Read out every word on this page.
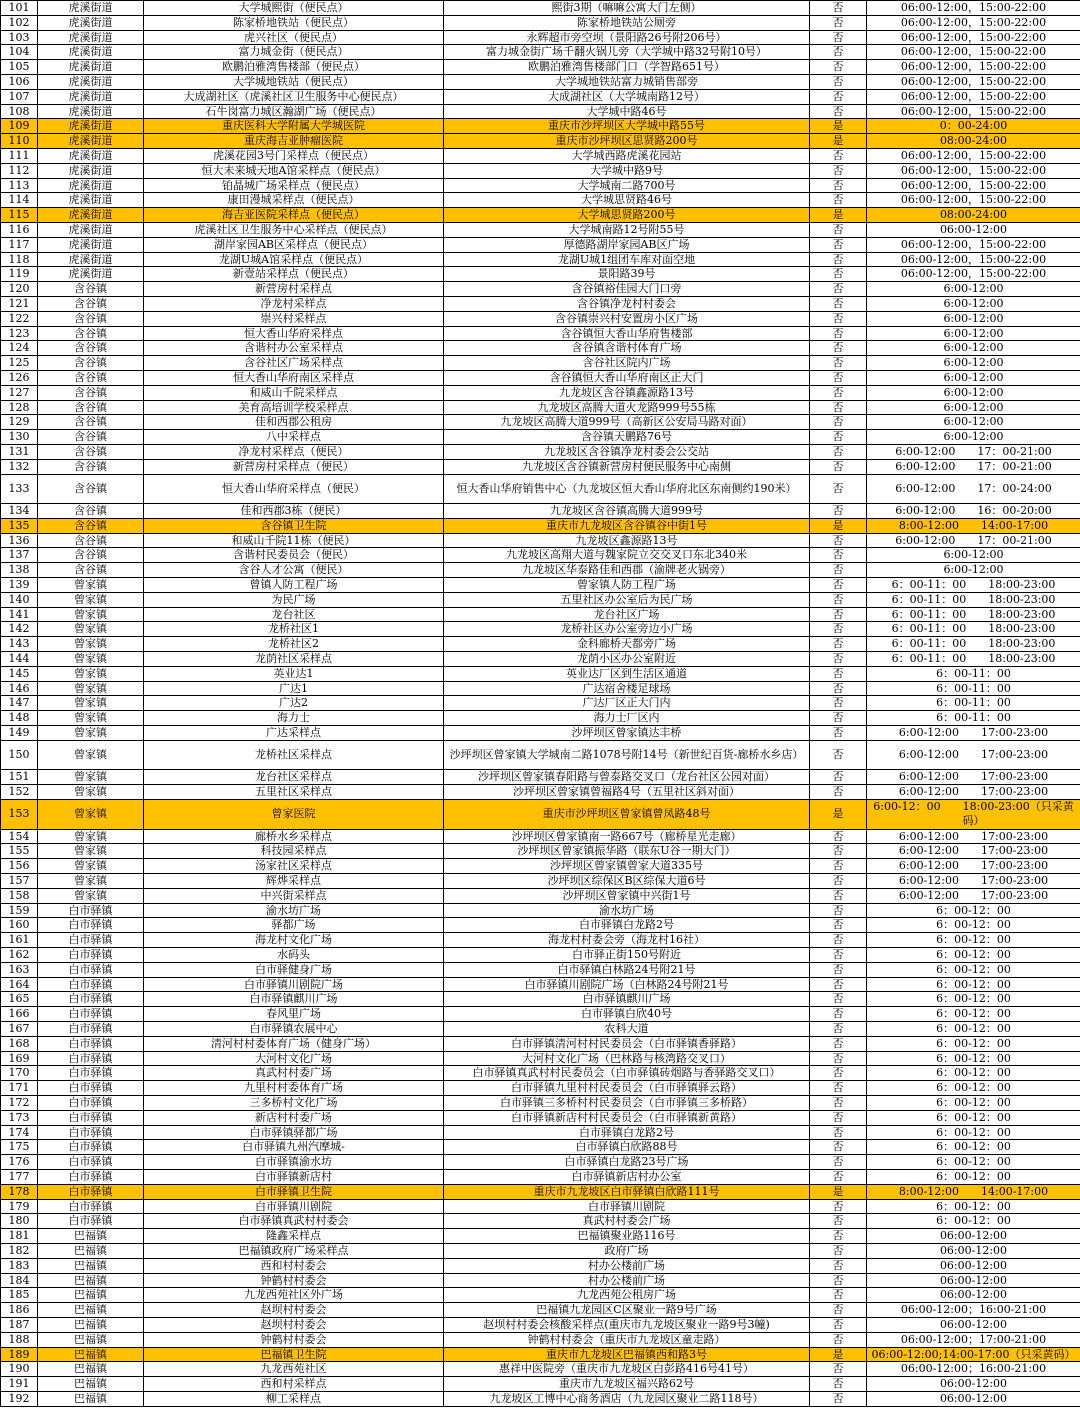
101	虎溪街道	大学城熙街（便民点）	熙街3期（嘛嘛公寓大门左侧）	否	06:00-12:00，15:00-22:00
102	虎溪街道	陈家桥地铁站（便民点）	陈家桥地铁站公厕旁	否	06:00-12:00，15:00-22:00
103	虎溪街道	虎兴社区（便民点）	永辉超市旁空坝（景阳路26号附206号）	否	06:00-12:00，15:00-22:00
104	虎溪街道	富力城金街（便民点）	富力城金街广场千翻火锅儿旁（大学城中路32号附10号）	否	06:00-12:00，15:00-22:00
105	虎溪街道	欧鹏泊雅湾售楼部（便民点）	欧鹏泊雅湾售楼部门口（学智路651号）	否	06:00-12:00，15:00-22:00
106	虎溪街道	大学城地铁站（便民点）	大学城地铁站富力城销售部旁	否	06:00-12:00，15:00-22:00
107	虎溪街道	大成湖社区（虎溪社区卫生服务中心便民点）	大成湖社区（大学城南路12号）	否	06:00-12:00，15:00-22:00
108	虎溪街道	石牛岗富力城区瀚湖广场（便民点）	大学城中路46号	否	06:00-12:00，15:00-22:00
109	虎溪街道	重庆医科大学附属大学城医院	重庆市沙坪坝区大学城中路55号	是	0：00-24:00
110	虎溪街道	重庆海吉亚肿瘤医院	重庆市沙坪坝区思贤路200号	是	08:00-24:00
111	虎溪街道	虎溪花园3号门采样点（便民点）	大学城西路虎溪花园站	否	06:00-12:00，15:00-22:00
112	虎溪街道	恒大未来城天地A馆采样点（便民点）	大学城中路9号	否	06:00-12:00，15:00-22:00
113	虎溪街道	铂晶城广场采样点（便民点）	大学城南二路700号	否	06:00-12:00，15:00-22:00
114	虎溪街道	康田漫城采样点（便民点）	大学城思贤路46号	否	06:00-12:00，15:00-22:00
115	虎溪街道	海吉亚医院采样点（便民点）	大学城思贤路200号	是	08:00-24:00
116	虎溪街道	虎溪社区卫生服务中心采样点（便民点）	大学城南路12号附55号	否	06:00-12:00
117	虎溪街道	湖岸家园AB区采样点（便民点）	厚德路湖岸家园AB区广场	否	06:00-12:00，15:00-22:00
118	虎溪街道	龙湖U城A馆采样点（便民点）	龙湖U城1组团车库对面空地	否	06:00-12:00，15:00-22:00
119	虎溪街道	新壹站采样点（便民点）	景阳路39号	否	06:00-12:00，15:00-22:00
120	含谷镇	新营房村采样点	含谷镇裕佳园大门口旁	否	6:00-12:00
121	含谷镇	净龙村采样点	含谷镇净龙村村委会	否	6:00-12:00
122	含谷镇	崇兴村采样点	含谷镇崇兴村安置房小区广场	否	6:00-12:00
123	含谷镇	恒大香山华府采样点	含谷镇恒大香山华府售楼部	否	6:00-12:00
124	含谷镇	含谐村办公室采样点	含谷镇含谐村体育广场	否	6:00-12:00
125	含谷镇	含谷社区广场采样点	含谷社区院内广场	否	6:00-12:00
126	含谷镇	恒大香山华府南区采样点	含谷镇恒大香山华府南区正大门	否	6:00-12:00
127	含谷镇	和威山千院采样点	九龙坡区含谷镇鑫源路13号	否	6:00-12:00
128	含谷镇	美育高培训学校采样点	九龙坡区高腾大道火龙路999号55栋	否	6:00-12:00
129	含谷镇	佳和西郡公租房	九龙坡区高腾大道999号（高新区公安局马路对面）	否	6:00-12:00
130	含谷镇	八中采样点	含谷镇天鹏路76号	否	6:00-12:00
131	含谷镇	净龙村采样点（便民）	九龙坡区含谷镇净龙村委会公交站	否	6:00-12:00　　17：00-21:00
132	含谷镇	新营房村采样点（便民）	九龙坡区含谷镇新营房村便民服务中心南侧	否	6:00-12:00　　17：00-21:00
133	含谷镇	恒大香山华府采样点（便民）	恒大香山华府销售中心（九龙坡区恒大香山华府北区东南侧约190米）	否	6:00-12:00　　17：00-24:00
134	含谷镇	佳和西郡3栋（便民）	九龙坡区含谷镇高腾大道999号	否	6:00-12:00　　16：00-20:00
135	含谷镇	含谷镇卫生院	重庆市九龙坡区含谷镇谷中街1号	是	8:00-12:00　　14:00-17:00
136	含谷镇	和威山千院11栋（便民）	九龙坡区鑫源路13号	否	6:00-12:00　　17：00-21:00
137	含谷镇	含谐村民委员会（便民）	九龙坡区高翔大道与魏家院立交交叉口东北340米	否	6:00-12:00
138	含谷镇	含谷人才公寓（便民）	九龙坡区华泰路佳和西郡（渝牌老火锅旁）	否	6:00-12:00
139	曾家镇	曾镇人防工程广场	曾家镇人防工程广场	否	6：00-11：00　　18:00-23:00
140	曾家镇	为民广场	五里社区办公室后为民广场	否	6：00-11：00　　18:00-23:00
141	曾家镇	龙台社区	龙台社区广场	否	6：00-11：00　　18:00-23:00
142	曾家镇	龙桥社区1	龙桥社区办公室旁边小广场	否	6：00-11：00　　18:00-23:00
143	曾家镇	龙桥社区2	金科廊桥天都旁广场	否	6：00-11：00　　18:00-23:00
144	曾家镇	龙荫社区采样点	龙荫小区办公室附近	否	6：00-11：00　　18:00-23:00
145	曾家镇	英业达1	英业达厂区到生活区通道	否	6：00-11：00
146	曾家镇	广达1	广达宿舍楼足球场	否	6：00-11：00
147	曾家镇	广达2	广达厂区正大门内	否	6：00-11：00
148	曾家镇	海力士	海力士厂区内	否	6：00-11：00
149	曾家镇	广达采样点	沙坪坝区曾家镇达丰桥	否	6:00-12:00　　17:00-23:00
150	曾家镇	龙桥社区采样点	沙坪坝区曾家镇大学城南二路1078号附14号（新世纪百货-廊桥水乡店）	否	6:00-12:00　　17:00-23:00
151	曾家镇	龙台社区采样点	沙坪坝区曾家镇春阳路与曾泰路交叉口（龙台社区公园对面）	否	6:00-12:00　　17:00-23:00
152	曾家镇	五里社区采样点	沙坪坝区曾家镇曾福路4号（五里社区斜对面）	否	6:00-12:00　　17:00-23:00
153	曾家镇	曾家医院	重庆市沙坪坝区曾家镇曾凤路48号	是	6:00-12：00　　18:00-23:00（只采黄码）
154	曾家镇	廊桥水乡采样点	沙坪坝区曾家镇南一路667号（廊桥星光走廊）	否	6:00-12:00　　17:00-23:00
155	曾家镇	科技园采样点	沙坪坝区曾家镇振华路（联东U谷一期大门）	否	6:00-12:00　　17:00-23:00
156	曾家镇	汤家社区采样点	沙坪坝区曾家镇曾家大道335号	否	6:00-12:00　　17:00-23:00
157	曾家镇	辉烨采样点	沙坪坝区综保区B区综保大道6号	否	6:00-12:00　　17:00-23:00
158	曾家镇	中兴街采样点	沙坪坝区曾家镇中兴街1号	否	6:00-12:00　　17:00-23:00
159	白市驿镇	渝水坊广场	渝水坊广场	否	6：00-12：00
160	白市驿镇	驿都广场	白市驿镇白龙路2号	否	6：00-12：00
161	白市驿镇	海龙村文化广场	海龙村村委会旁（海龙村16社）	否	6：00-12：00
162	白市驿镇	水码头	白市驿正街150号附近	否	6：00-12：00
163	白市驿镇	白市驿健身广场	白市驿镇白林路24号附21号	否	6：00-12：00
164	白市驿镇	白市驿镇川剧院广场	白市驿镇川剧院广场（白林路24号附21号	否	6：00-12：00
165	白市驿镇	白市驿镇麒川广场	白市驿镇麒川广场	否	6：00-12：00
166	白市驿镇	春风里广场	白市驿镇白欣40号	否	6：00-12：00
167	白市驿镇	白市驿镇农展中心	农科大道	否	6：00-12：00
168	白市驿镇	清河村村委体育广场（健身广场）	白市驿镇清河村村民委员会（白市驿镇香驿路）	否	6：00-12：00
169	白市驿镇	大河村文化广场	大河村文化广场（巴林路与核湾路交叉口）	否	6：00-12：00
170	白市驿镇	真武村村委广场	白市驿镇真武村村民委员会（白市驿镇砖烟路与香驿路交叉口）	否	6：00-12：00
171	白市驿镇	九里村村委体育广场	白市驿镇九里村村民委员会（白市驿镇驿云路）	否	6：00-12：00
172	白市驿镇	三多桥村文化广场	白市驿镇三多桥村村民委员会（白市驿镇三多桥路）	否	6：00-12：00
173	白市驿镇	新店村村委广场	白市驿镇新店村村民委员会（白市驿镇新黄路）	否	6：00-12：00
174	白市驿镇	白市驿镇驿都广场	白市驿镇白龙路2号	否	6：00-12：00
175	白市驿镇	白市驿镇九州汽摩城-	白市驿镇白欣路88号	否	6：00-12：00
176	白市驿镇	白市驿镇渝水坊	白市驿镇白龙路23号广场	否	6：00-12：00
177	白市驿镇	白市驿镇新店村	白市驿镇新店村办公室	否	6：00-12：00
178	白市驿镇	白市驿镇卫生院	重庆市九龙坡区白市驿镇白欣路111号	是	8:00-12:00　　14:00-17:00
179	白市驿镇	白市驿镇川剧院	白市驿镇川剧院	否	6：00-12：00
180	白市驿镇	白市驿镇真武村村委会	真武村村委会广场	否	6：00-12：00
181	巴福镇	隆鑫采样点	巴福镇聚业路116号	否	06:00-12:00
182	巴福镇	巴福镇政府广场采样点	政府广场	否	06:00-12:00
183	巴福镇	西和村村委会	村办公楼前广场	否	06:00-12:00
184	巴福镇	钟鹤村村委会	村办公楼前广场	否	06:00-12:00
185	巴福镇	九龙西苑社区外广场	九龙西苑公租房广场	否	06:00-12:00
186	巴福镇	赵坝村村委会	巴福镇九龙园区C区聚业一路9号广场	否	06:00-12:00；16:00-21:00
187	巴福镇	赵坝村村委会	赵坝村村委会核酸采样点(重庆市九龙坡区聚业一路9号3幢)	否	06:00-12:00
188	巴福镇	钟鹤村村委会	钟鹤村村委会（重庆市九龙坡区童走路）	否	06:00-12:00；17:00-21:00
189	巴福镇	巴福镇卫生院	重庆市九龙坡区巴福镇西和路3号	是	06:00-12:00;14:00-17:00（只采黄码）
190	巴福镇	九龙西苑社区	惠祥中医院旁（重庆市九龙坡区白彭路416号41号）	否	06:00-12:00；16:00-21:00
191	巴福镇	西和村采样点	重庆市九龙坡区福兴路62号	否	06:00-12:00
192	巴福镇	柳工采样点	九龙坡区工博中心商务酒店（九龙园区聚业二路118号）	否	06:00-12:00
